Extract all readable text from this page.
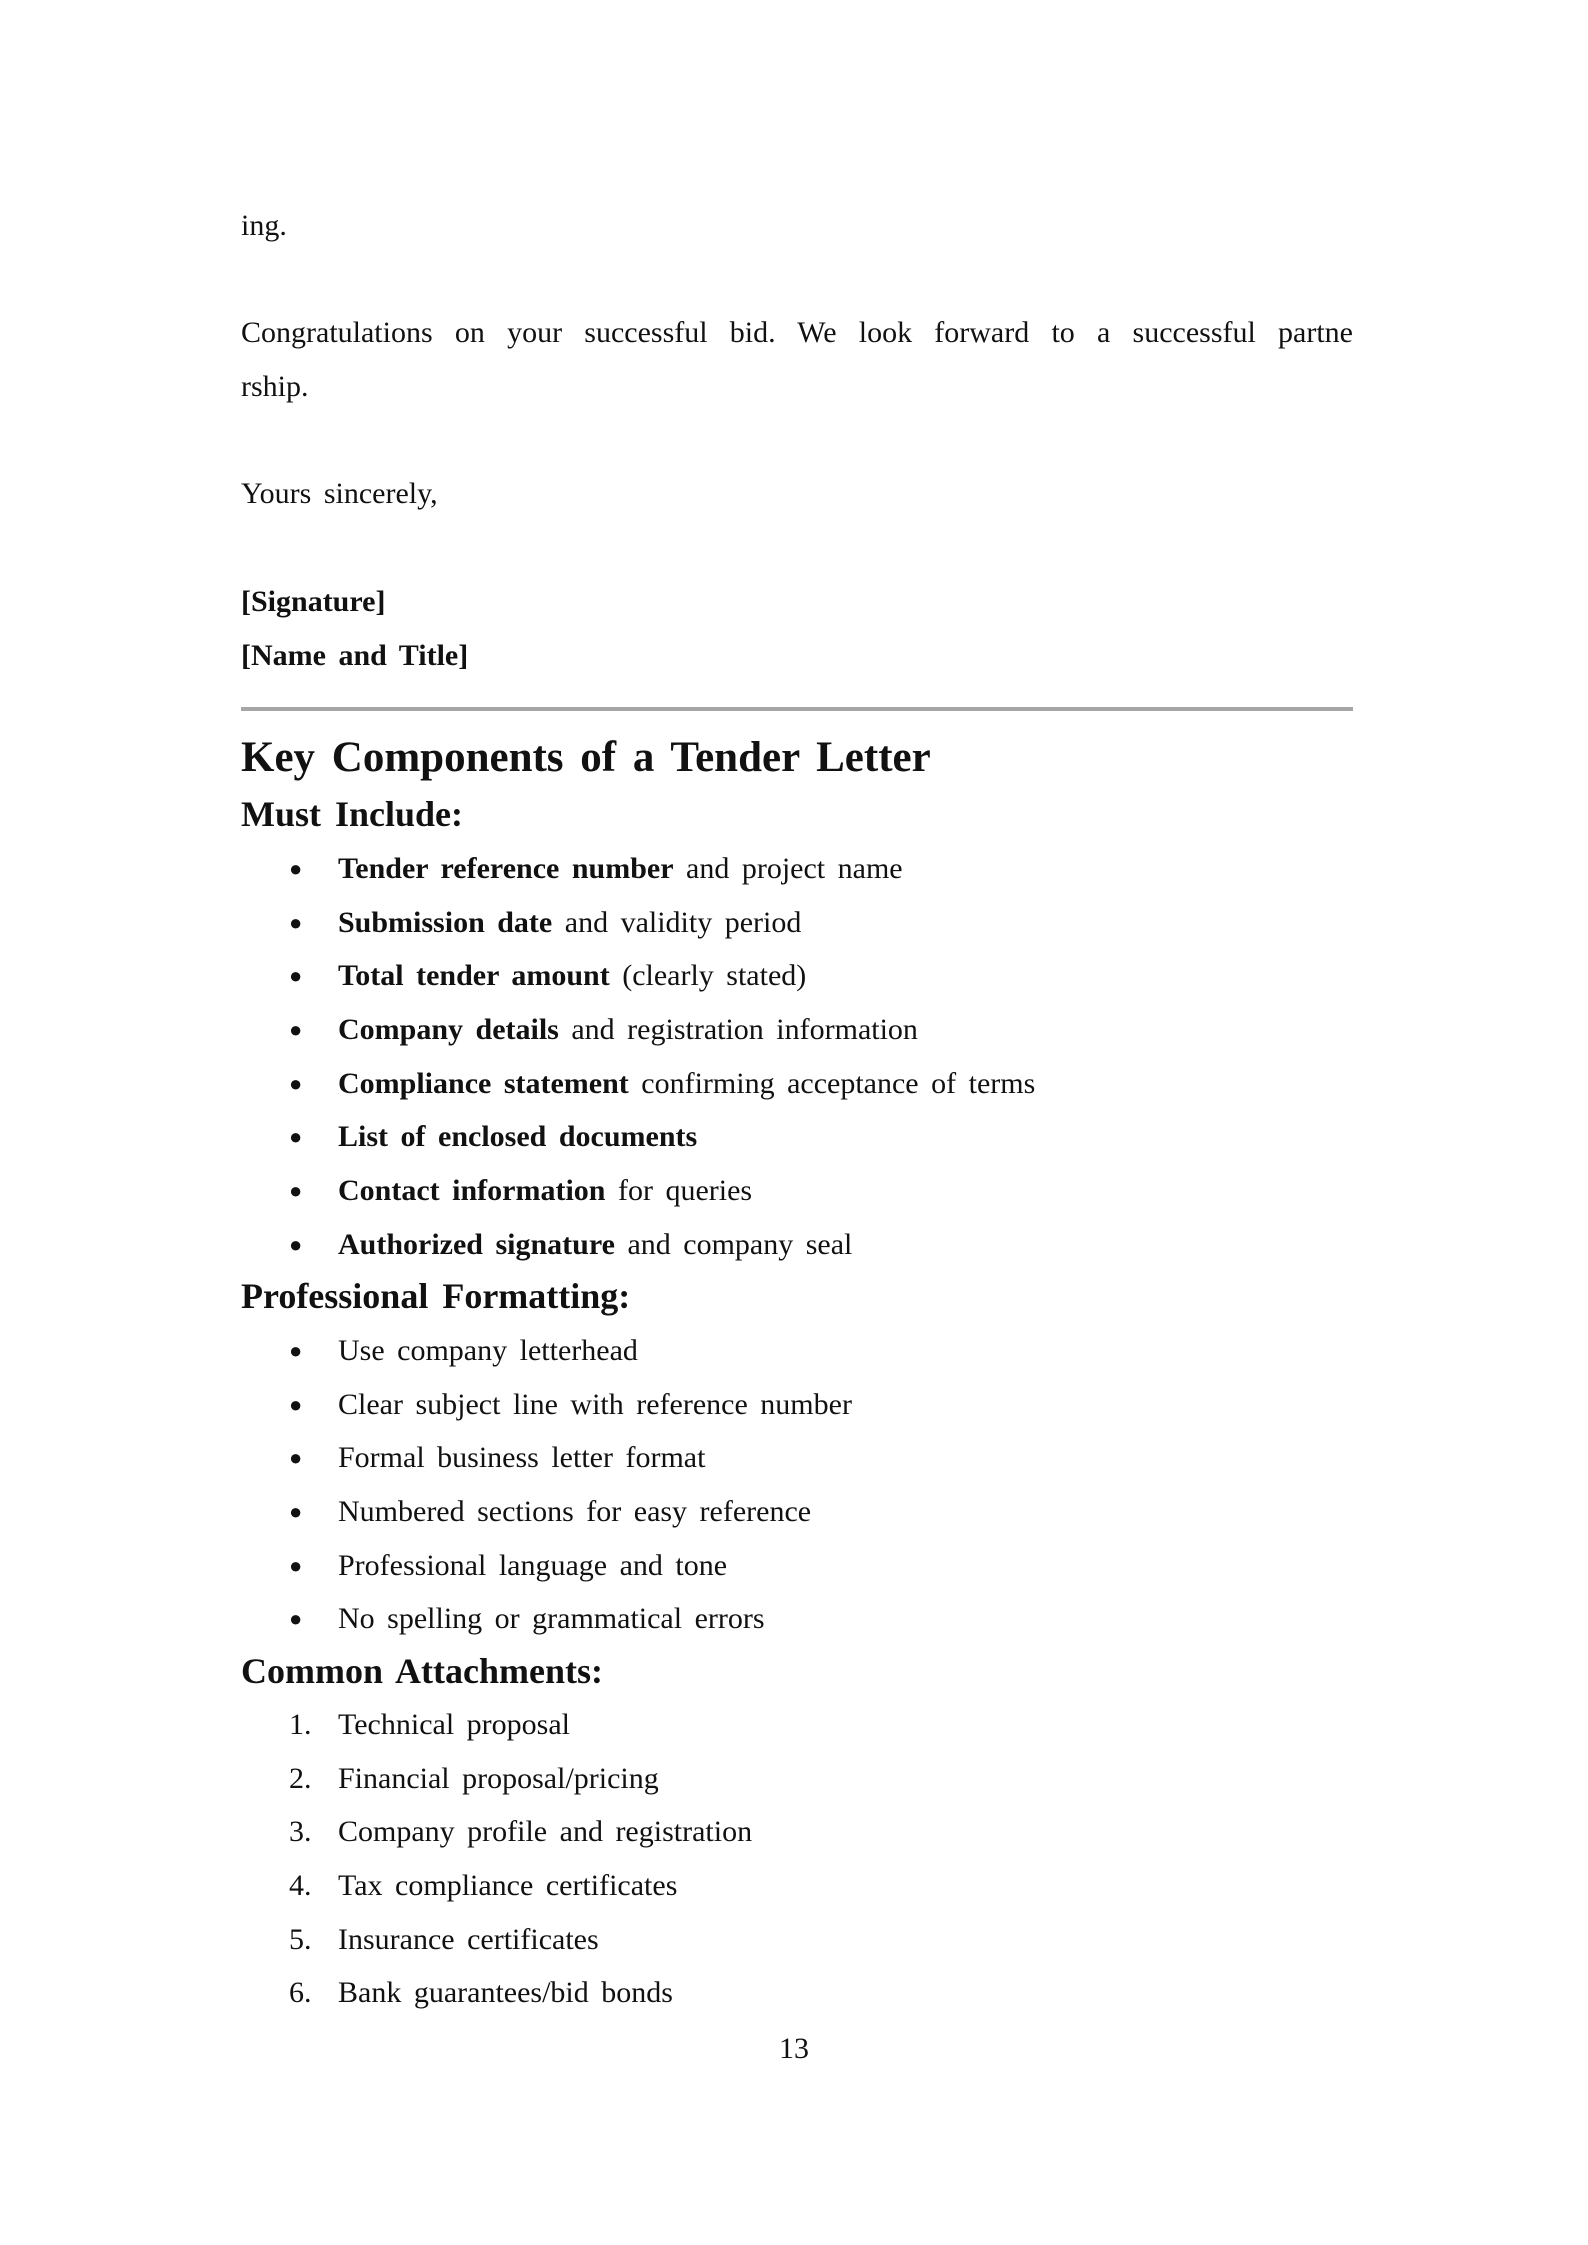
ing.

Congratulations on your successful bid. We look forward to a successful partne

rship.

Yours sincerely,

[Signature]

[Name and Title]

Key Components of a Tender Letter
Must Include:
● Tender reference number and project name
● Submission date and validity period
● Total tender amount (clearly stated)
● Company details and registration information
● Compliance statement confirming acceptance of terms
● List of enclosed documents
● Contact information for queries
● Authorized signature and company seal
Professional Formatting:
● Use company letterhead
● Clear subject line with reference number
● Formal business letter format
● Numbered sections for easy reference
● Professional language and tone
● No spelling or grammatical errors
Common Attachments:
1. Technical proposal
2. Financial proposal/pricing
3. Company profile and registration
4. Tax compliance certificates
5. Insurance certificates
6. Bank guarantees/bid bonds
13
